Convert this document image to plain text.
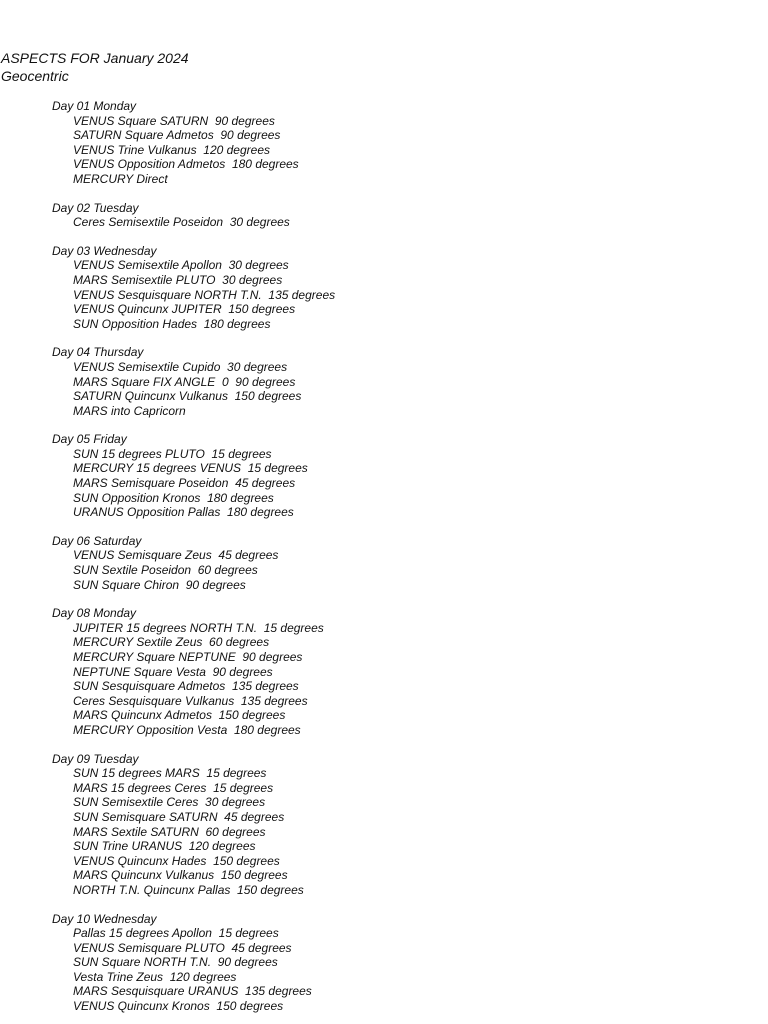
ASPECTS FOR January 2024
Geocentric
Day 01 Monday
VENUS Square SATURN  90 degrees
SATURN Square Admetos  90 degrees
VENUS Trine Vulkanus  120 degrees
VENUS Opposition Admetos  180 degrees
MERCURY Direct
Day 02 Tuesday
Ceres Semisextile Poseidon  30 degrees
Day 03 Wednesday
VENUS Semisextile Apollon  30 degrees
MARS Semisextile PLUTO  30 degrees
VENUS Sesquisquare NORTH T.N.  135 degrees
VENUS Quincunx JUPITER  150 degrees
SUN Opposition Hades  180 degrees
Day 04 Thursday
VENUS Semisextile Cupido  30 degrees
MARS Square FIX ANGLE  0  90 degrees
SATURN Quincunx Vulkanus  150 degrees
MARS into Capricorn
Day 05 Friday
SUN 15 degrees PLUTO  15 degrees
MERCURY 15 degrees VENUS  15 degrees
MARS Semisquare Poseidon  45 degrees
SUN Opposition Kronos  180 degrees
URANUS Opposition Pallas  180 degrees
Day 06 Saturday
VENUS Semisquare Zeus  45 degrees
SUN Sextile Poseidon  60 degrees
SUN Square Chiron  90 degrees
Day 08 Monday
JUPITER 15 degrees NORTH T.N.  15 degrees
MERCURY Sextile Zeus  60 degrees
MERCURY Square NEPTUNE  90 degrees
NEPTUNE Square Vesta  90 degrees
SUN Sesquisquare Admetos  135 degrees
Ceres Sesquisquare Vulkanus  135 degrees
MARS Quincunx Admetos  150 degrees
MERCURY Opposition Vesta  180 degrees
Day 09 Tuesday
SUN 15 degrees MARS  15 degrees
MARS 15 degrees Ceres  15 degrees
SUN Semisextile Ceres  30 degrees
SUN Semisquare SATURN  45 degrees
MARS Sextile SATURN  60 degrees
SUN Trine URANUS  120 degrees
VENUS Quincunx Hades  150 degrees
MARS Quincunx Vulkanus  150 degrees
NORTH T.N. Quincunx Pallas  150 degrees
Day 10 Wednesday
Pallas 15 degrees Apollon  15 degrees
VENUS Semisquare PLUTO  45 degrees
SUN Square NORTH T.N.  90 degrees
Vesta Trine Zeus  120 degrees
MARS Sesquisquare URANUS  135 degrees
VENUS Quincunx Kronos  150 degrees
